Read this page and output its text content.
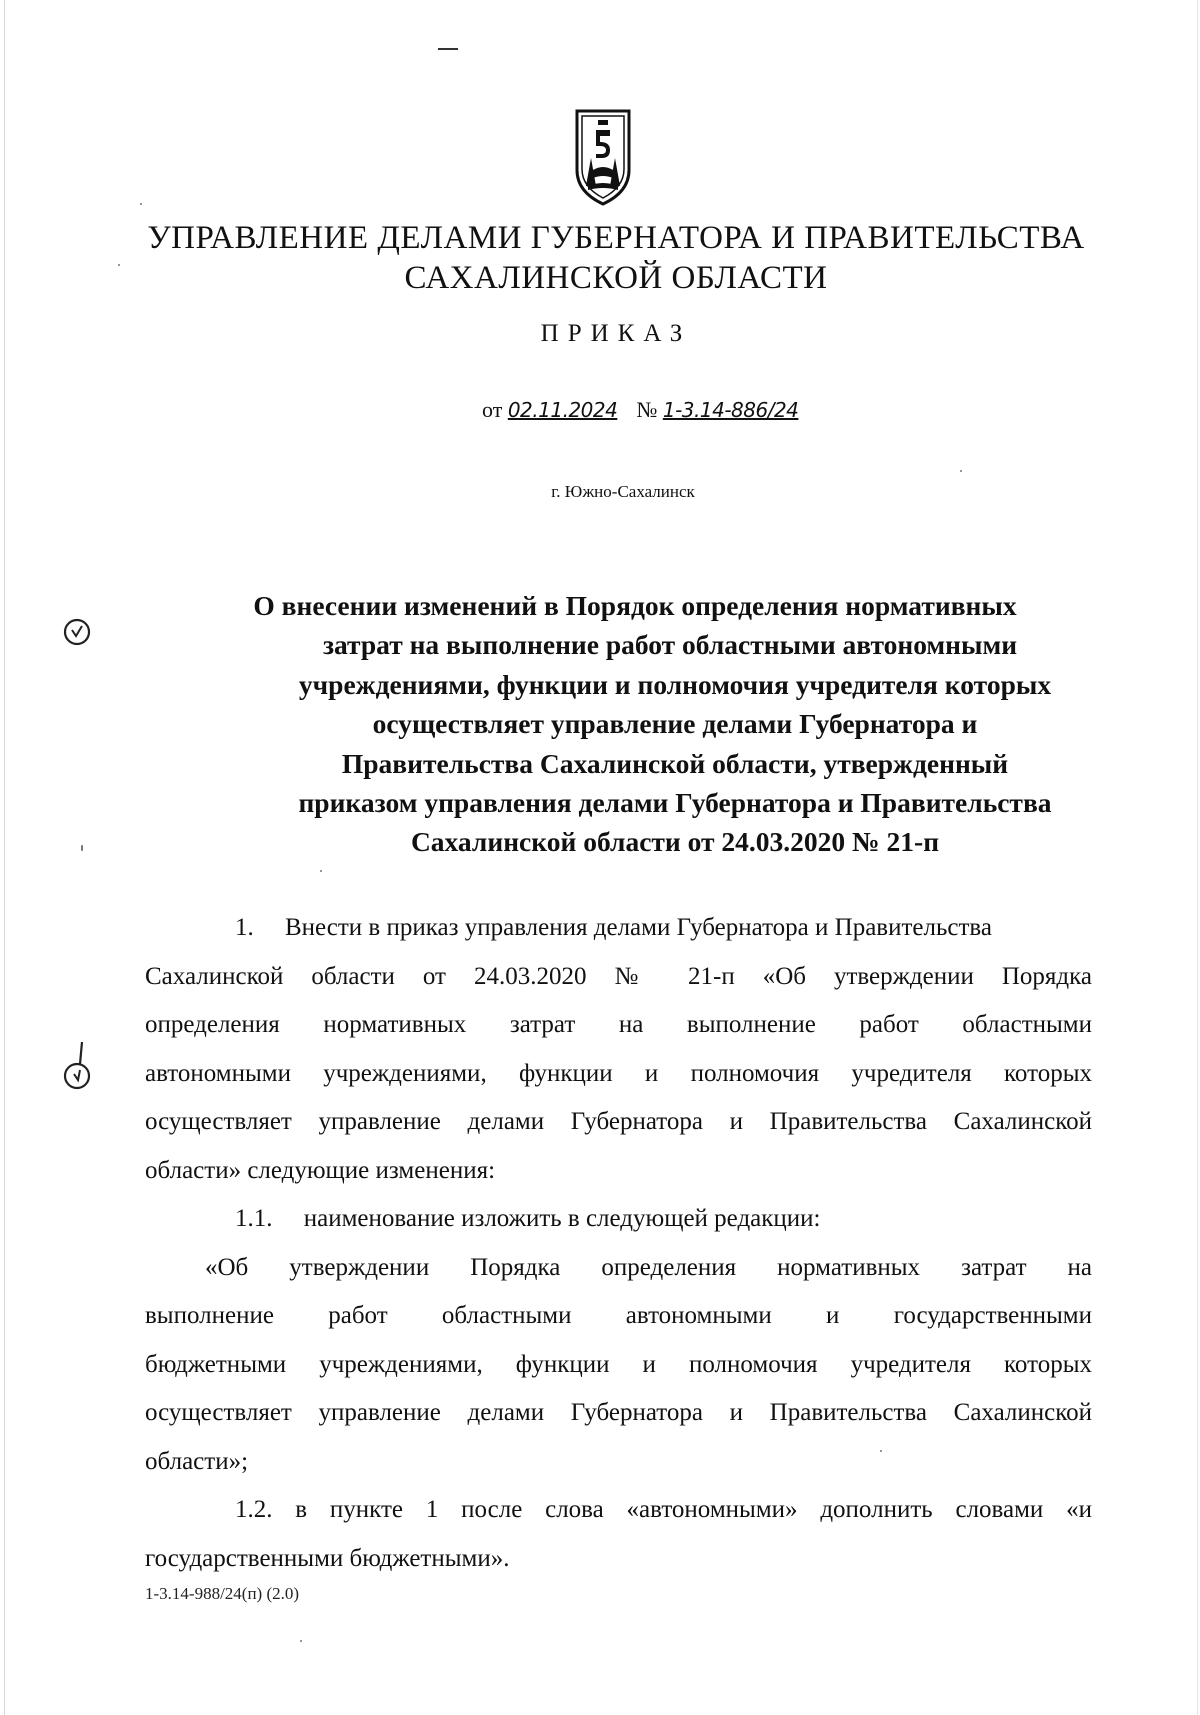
УПРАВЛЕНИЕ ДЕЛАМИ ГУБЕРНАТОРА И ПРАВИТЕЛЬСТВА
САХАЛИНСКОЙ ОБЛАСТИ
ПРИКАЗ
от 02.11.2024 № 1-3.14-886/24
г. Южно-Сахалинск
О внесении изменений в Порядок определения нормативных
затрат на выполнение работ областными автономными
учреждениями, функции и полномочия учредителя которых
осуществляет управление делами Губернатора и
Правительства Сахалинской области, утвержденный
приказом управления делами Губернатора и Правительства
Сахалинской области от 24.03.2020 № 21-п
1. Внести в приказ управления делами Губернатора и Правительства
Сахалинской области от 24.03.2020 № 21-п «Об утверждении Порядка
определения нормативных затрат на выполнение работ областными
автономными учреждениями, функции и полномочия учредителя которых
осуществляет управление делами Губернатора и Правительства Сахалинской
области» следующие изменения:
1.1. наименование изложить в следующей редакции:
«Об утверждении Порядка определения нормативных затрат на
выполнение работ областными автономными и государственными
бюджетными учреждениями, функции и полномочия учредителя которых
осуществляет управление делами Губернатора и Правительства Сахалинской
области»;
1.2. в пункте 1 после слова «автономными» дополнить словами «и
государственными бюджетными».
1-3.14-988/24(п) (2.0)
